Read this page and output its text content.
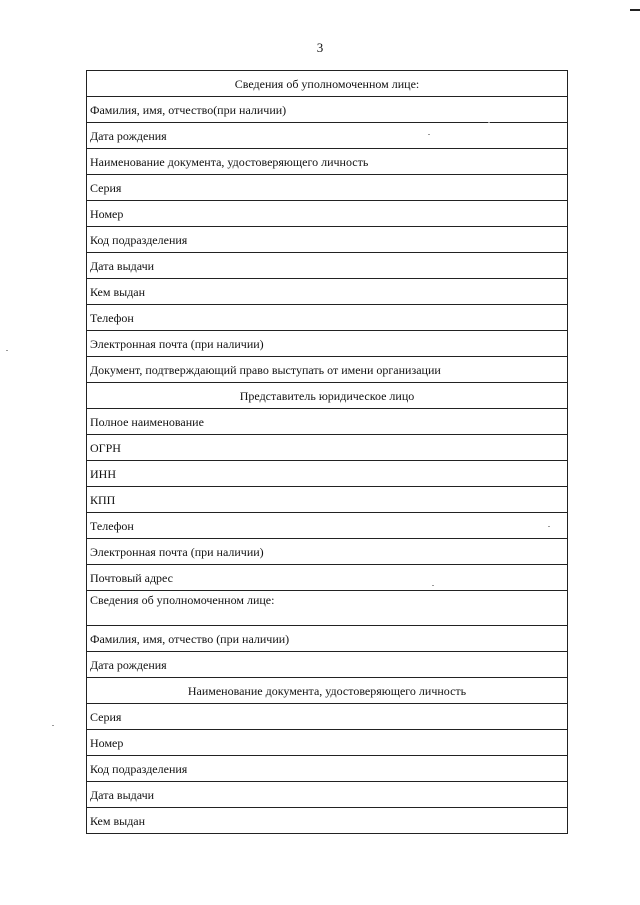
3
Сведения об уполномоченном лице:
Фамилия, имя, отчество(при наличии)
Дата рождения
Наименование документа, удостоверяющего личность
Серия
Номер
Код подразделения
Дата выдачи
Кем выдан
Телефон
Электронная почта (при наличии)
Документ, подтверждающий право выступать от имени организации
Представитель юридическое лицо
Полное наименование
ОГРН
ИНН
КПП
Телефон
Электронная почта (при наличии)
Почтовый адрес
Сведения об уполномоченном лице:
Фамилия, имя, отчество (при наличии)
Дата рождения
Наименование документа, удостоверяющего личность
Серия
Номер
Код подразделения
Дата выдачи
Кем выдан
